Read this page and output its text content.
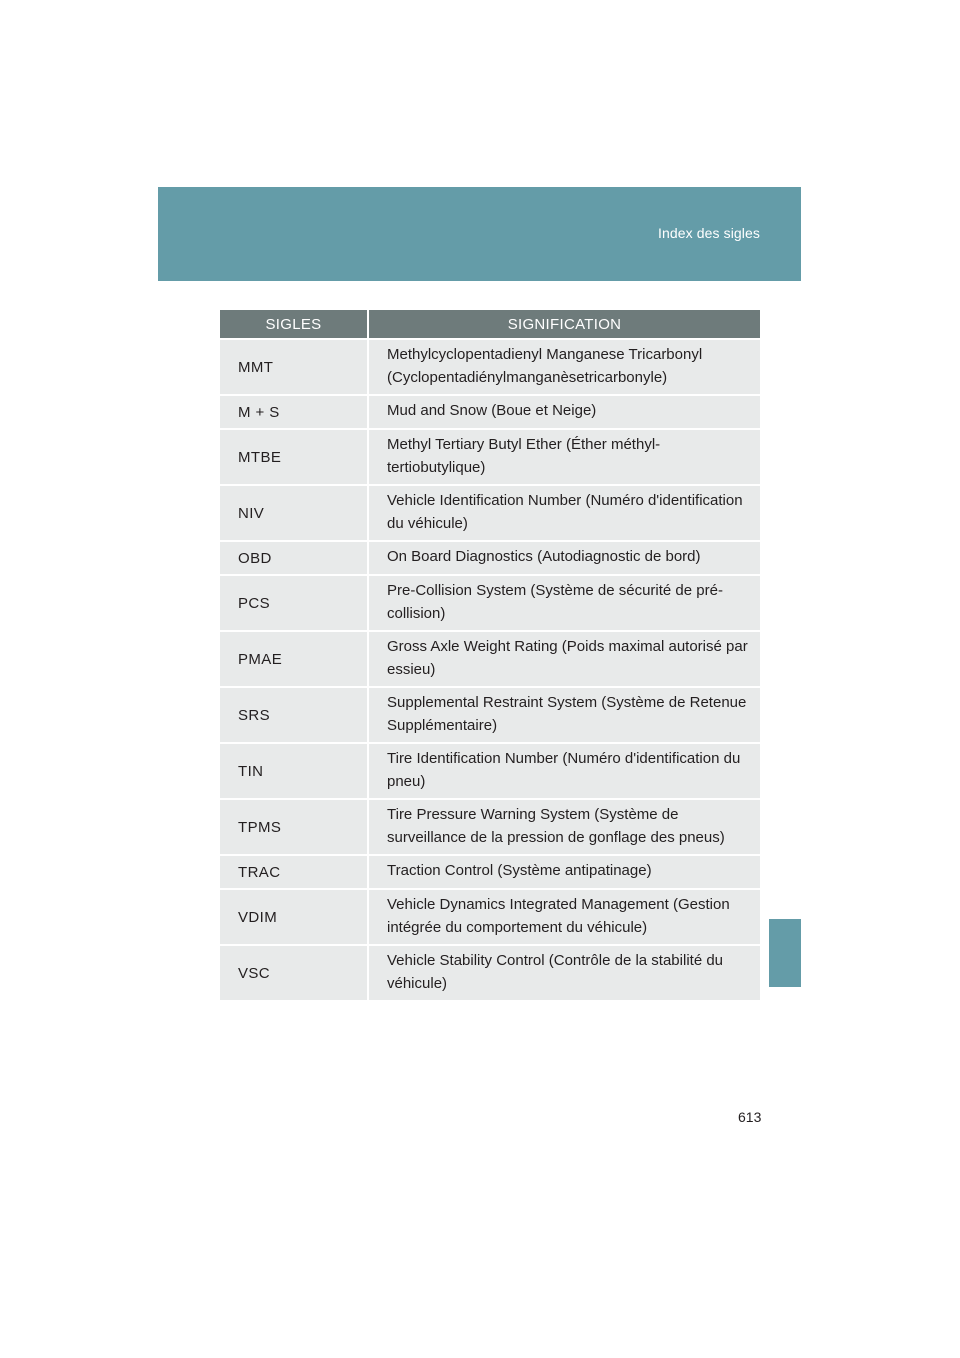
Index des sigles
SIGLES	SIGNIFICATION
MMT	Methylcyclopentadienyl Manganese Tricarbonyl (Cyclopentadiénylmanganèsetricarbonyle)
M + S	Mud and Snow (Boue et Neige)
MTBE	Methyl Tertiary Butyl Ether (Éther méthyl-tertiobutylique)
NIV	Vehicle Identification Number (Numéro d'identification du véhicule)
OBD	On Board Diagnostics (Autodiagnostic de bord)
PCS	Pre-Collision System (Système de sécurité de pré-collision)
PMAE	Gross Axle Weight Rating (Poids maximal autorisé par essieu)
SRS	Supplemental Restraint System (Système de Retenue Supplémentaire)
TIN	Tire Identification Number (Numéro d'identification du pneu)
TPMS	Tire Pressure Warning System (Système de surveillance de la pression de gonflage des pneus)
TRAC	Traction Control (Système antipatinage)
VDIM	Vehicle Dynamics Integrated Management (Gestion intégrée du comportement du véhicule)
VSC	Vehicle Stability Control (Contrôle de la stabilité du véhicule)
613
